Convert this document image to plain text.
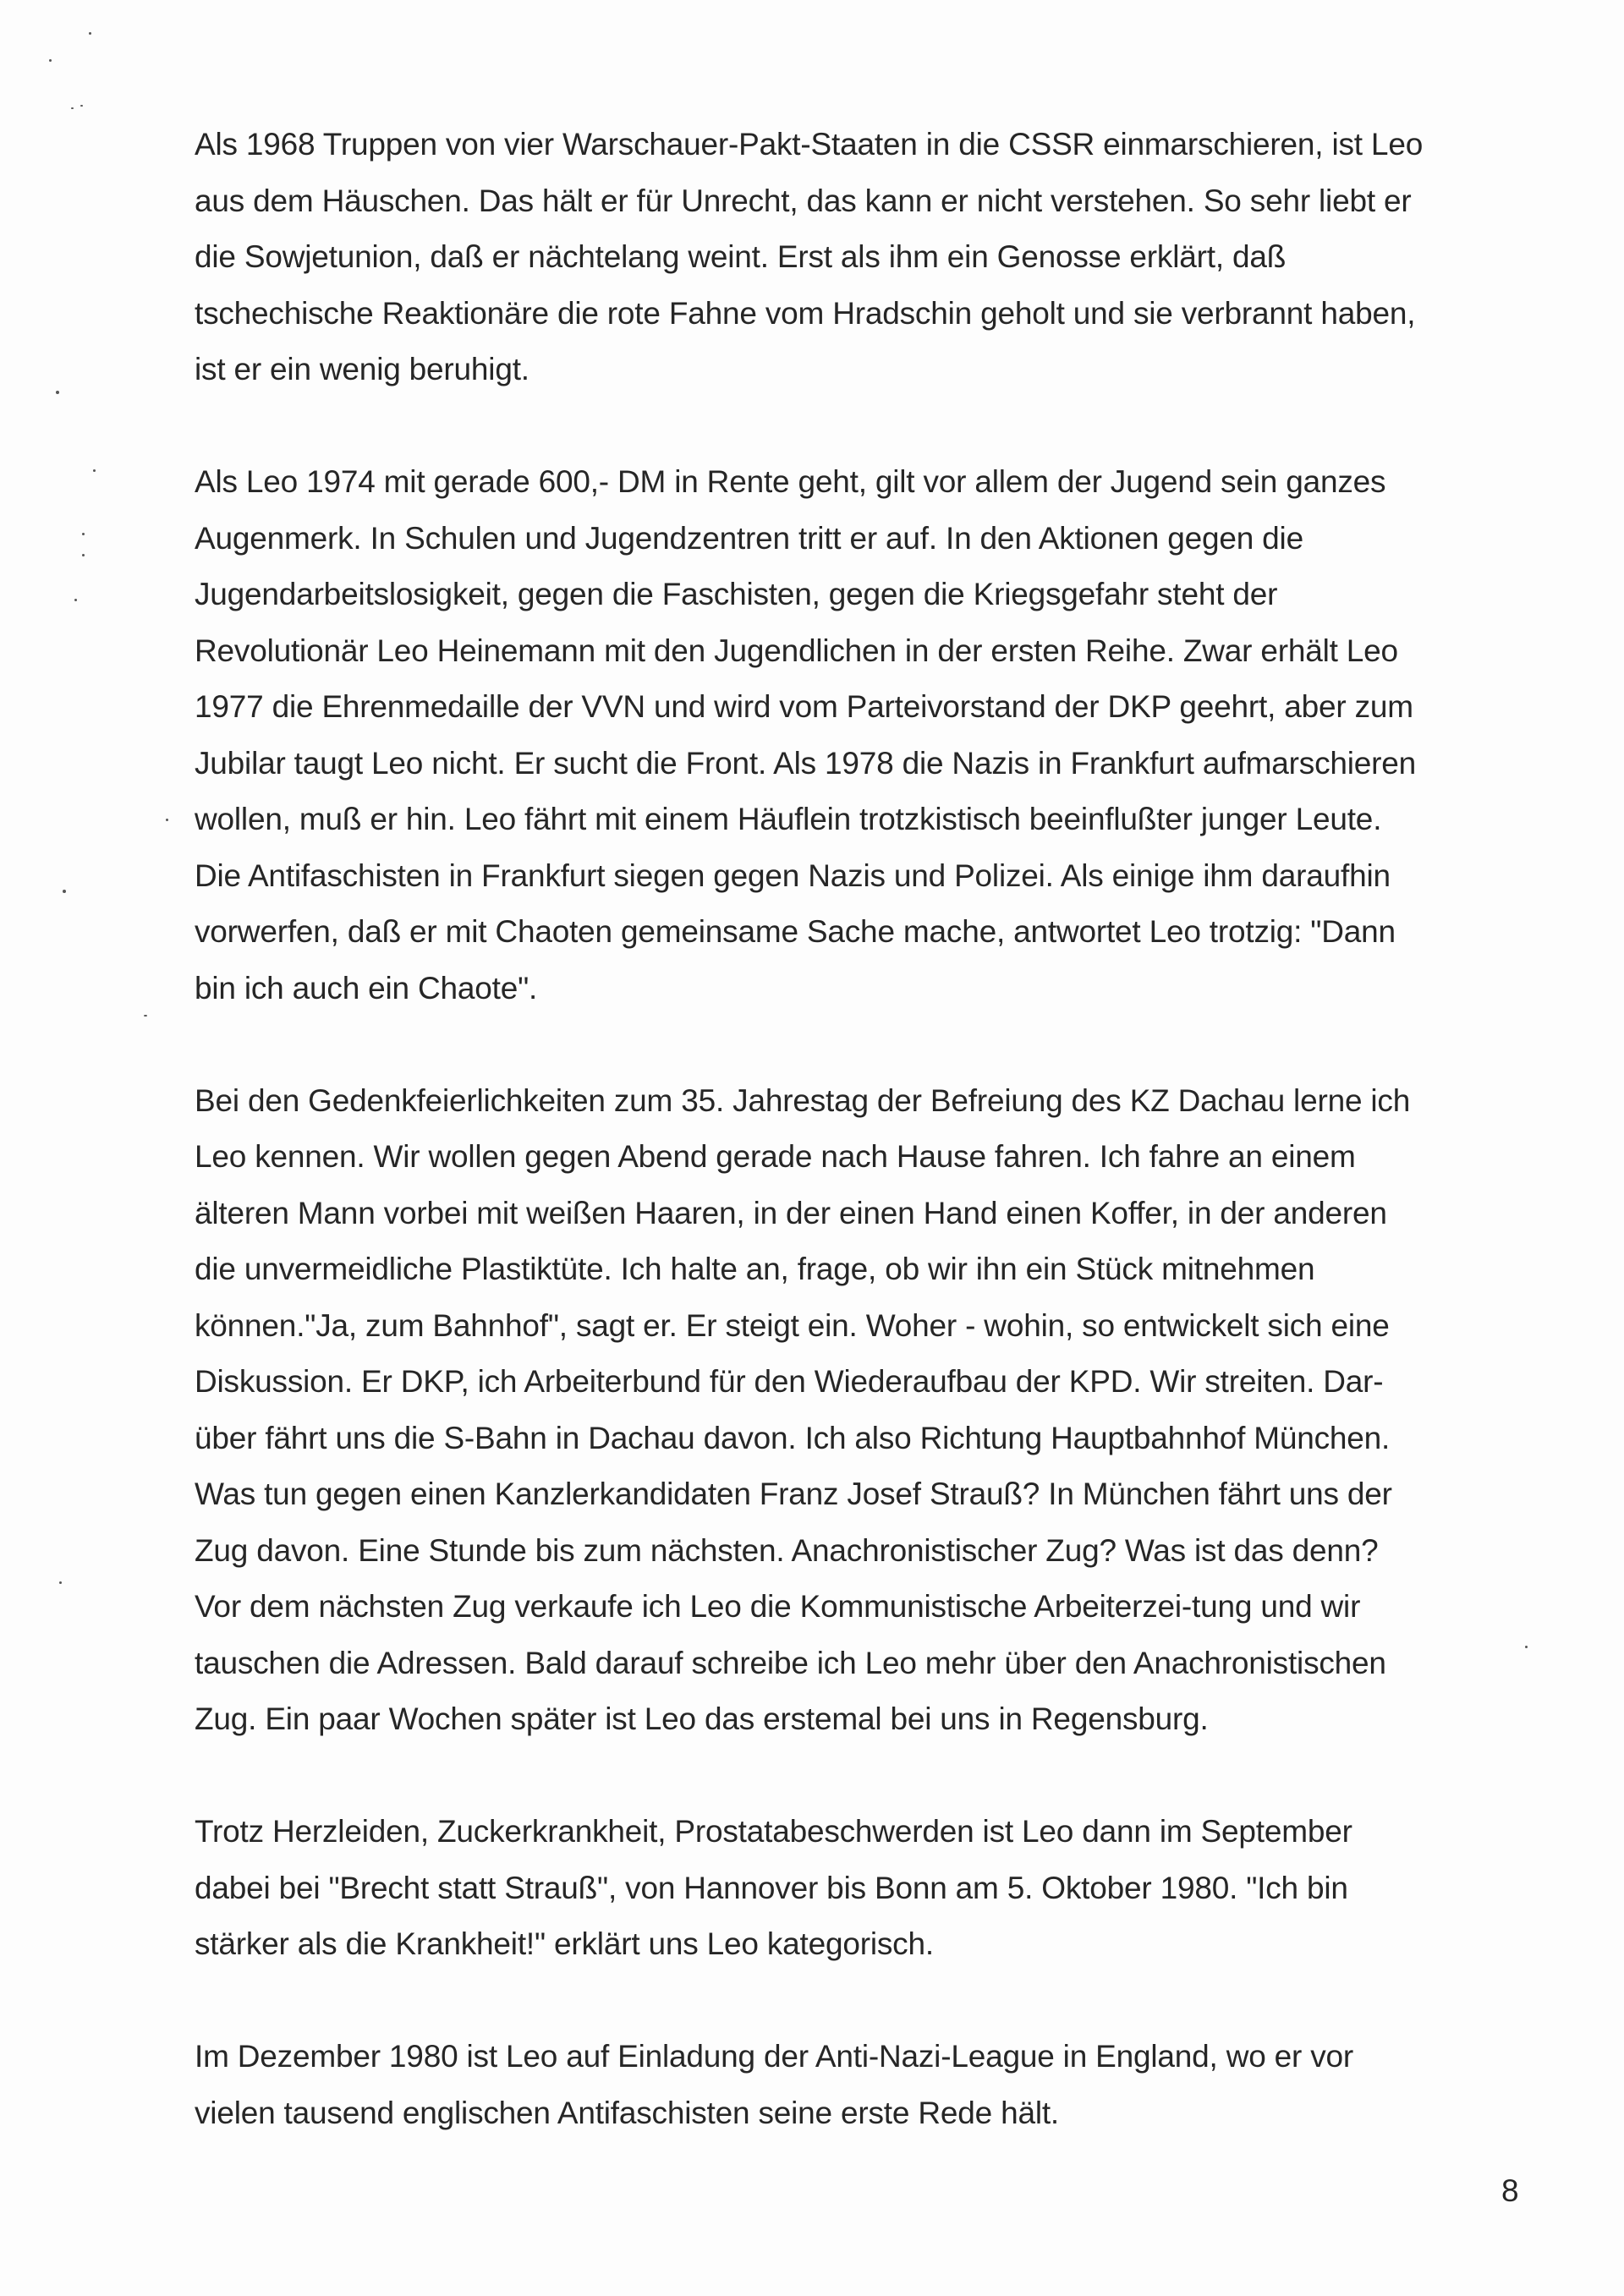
Als 1968 Truppen von vier Warschauer-Pakt-Staaten in die CSSR einmarschieren, ist Leo
aus dem Häuschen. Das hält er für Unrecht, das kann er nicht verstehen. So sehr liebt er
die Sowjetunion, daß er nächtelang weint. Erst als ihm ein Genosse erklärt, daß
tschechische Reaktionäre die rote Fahne vom Hradschin geholt und sie verbrannt haben,
ist er ein wenig beruhigt.
Als Leo 1974 mit gerade 600,- DM in Rente geht, gilt vor allem der Jugend sein ganzes
Augenmerk. In Schulen und Jugendzentren tritt er auf. In den Aktionen gegen die
Jugendarbeitslosigkeit, gegen die Faschisten, gegen die Kriegsgefahr steht der
Revolutionär Leo Heinemann mit den Jugendlichen in der ersten Reihe. Zwar erhält Leo
1977 die Ehrenmedaille der VVN und wird vom Parteivorstand der DKP geehrt, aber zum
Jubilar taugt Leo nicht. Er sucht die Front. Als 1978 die Nazis in Frankfurt aufmarschieren
wollen, muß er hin. Leo fährt mit einem Häuflein trotzkistisch beeinflußter junger Leute.
Die Antifaschisten in Frankfurt siegen gegen Nazis und Polizei. Als einige ihm daraufhin
vorwerfen, daß er mit Chaoten gemeinsame Sache mache, antwortet Leo trotzig: "Dann
bin ich auch ein Chaote".
Bei den Gedenkfeierlichkeiten zum 35. Jahrestag der Befreiung des KZ Dachau lerne ich
Leo kennen. Wir wollen gegen Abend gerade nach Hause fahren. Ich fahre an einem
älteren Mann vorbei mit weißen Haaren, in der einen Hand einen Koffer, in der anderen
die unvermeidliche Plastiktüte. Ich halte an, frage, ob wir ihn ein Stück mitnehmen
können."Ja, zum Bahnhof", sagt er. Er steigt ein. Woher - wohin, so entwickelt sich eine
Diskussion. Er DKP, ich Arbeiterbund für den Wiederaufbau der KPD. Wir streiten. Dar-
über fährt uns die S-Bahn in Dachau davon. Ich also Richtung Hauptbahnhof München.
Was tun gegen einen Kanzlerkandidaten Franz Josef Strauß? In München fährt uns der
Zug davon. Eine Stunde bis zum nächsten. Anachronistischer Zug? Was ist das denn?
Vor dem nächsten Zug verkaufe ich Leo die Kommunistische Arbeiterzei-tung und wir
tauschen die Adressen. Bald darauf schreibe ich Leo mehr über den Anachronistischen
Zug. Ein paar Wochen später ist Leo das erstemal bei uns in Regensburg.
Trotz Herzleiden, Zuckerkrankheit, Prostatabeschwerden ist Leo dann im September
dabei bei "Brecht statt Strauß", von Hannover bis Bonn am 5. Oktober 1980. "Ich bin
stärker als die Krankheit!" erklärt uns Leo kategorisch.
Im Dezember 1980 ist Leo auf Einladung der Anti-Nazi-League in England, wo er vor
vielen tausend englischen Antifaschisten seine erste Rede hält.
8
